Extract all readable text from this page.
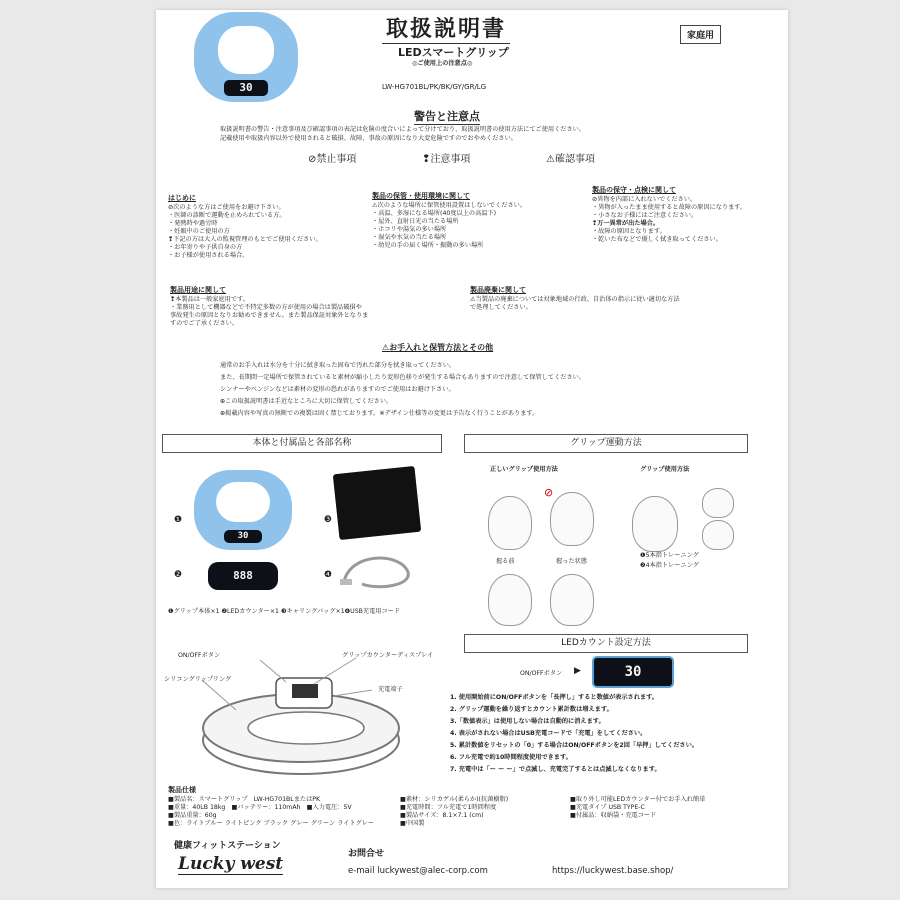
30
取扱説明書
LEDスマートグリップ
◎ご使用上の注意点◎
家庭用
LW-HG701BL/PK/BK/GY/GR/LG
警告と注意点
取扱説明書の警告・注意事項及び確認事項の表記は危険の度合いによって分けており、取扱説明書の使用方法にてご使用ください。
記載使用や取扱内容以外で使用されると破損、故障、事故の原因になり大変危険ですのでおやめください。
⊘禁止事項	❢注意事項	⚠確認事項
はじめに
⊘次のような方はご使用をお避け下さい。
・医師の診断で運動を止められている方。
・発熱時や過労時
・妊娠中のご使用の方
❢下記の方は大人の監視管理のもとでご使用ください。
・お年寄りや子供自身の方
・お子様が使用される場合。
製品の保管・使用環境に関して
⚠次のような場所に保管使用設置はしないでください。
・高温、多湿になる場所(40度以上の高温下)
・屋外、直射日光の当たる場所
・ホコリや湯気の多い場所
・湿気や水気の当たる場所
・幼児の手の届く場所・振動の多い場所
製品の保守・点検に関して
⊘異物を内部に入れないでください。
・異物が入ったまま使用すると故障の原因になります。
・小さなお子様にはご注意ください。
❢万一異常が出た場合。
・故障の原因となります。
・乾いた布などで優しく拭き取ってください。
製品用途に関して
❢本製品は一般家庭用です。
・業務用として機器などで不特定多数の方が使用の場合は製品破損や
事故発生の原因となりお勧めできません。また製品保証対象外となりま
すのでご了承ください。
製品廃棄に関して
⚠当製品の廃棄については対象地域の行政、自治体の指示に従い適切な方法
で処理してください。
⚠お手入れと保管方法とその他
通常のお手入れは水分を十分に拭き取った固布で汚れた部分を拭き取ってください。
また、長期間一定場所で保管されていると素材が縮小したり変形色移りが発生する場合もありますので注意して保管してください。
シンナーやベンジンなどは素材の変形の恐れがありますのでご使用はお避け下さい。
⊕この取扱説明書は手近なところに大切に保管してください。
⊕掲載内容や写真の無断での複製は固く禁じております。※デザイン仕様等の変更は予告なく行うことがあります。
本体と付属品と各部名称	グリップ運動方法
❶
30
❸
❷	888	❹
❶グリップ本体×1 ❷LEDカウンター×1 ❸キャリングバッグ×1❹USB充電用コード
ON/OFFボタン	グリップカウンターディスプレイ
シリコングリップリング
充電端子
正しいグリップ使用方法	グリップ使用方法
⊘
❶5本指トレーニング
❷4本指トレーニング
握る前	握った状態
LEDカウント設定方法
ON/OFFボタン ▶	30
1. 使用開始前にON/OFFボタンを「長押し」すると数値が表示されます。
2. グリップ運動を繰り返すとカウント累計数は増えます。
3.「数値表示」は使用しない場合は自動的に消えます。
4. 表示がされない場合はUSB充電コードで「充電」をしてください。
5. 累計数値をリセットの「0」する場合はON/OFFボタンを2回「早押」してください。
6. フル充電で約10時間程度使用できます。
7. 充電中は「ー ー ー」で点滅し、充電完了するとは点滅しなくなります。
製品仕様
■製品名：スマートグリップ　LW-HG701BLまたはPK
■重量：40LB 18kg　■バッテリー：110mAh　■入力電圧：5V
■製品重量：60g
■色：ライトブルー ライトピンク ブラック グレー グリーン ライトグレー
■素材：シリカゲル(柔らか)(抗菌樹脂)
■充電時間：フル充電で1時間程度
■製品サイズ：8.1×7.1 (cm)
■中国製
■取り外し可能LEDカウンター付でお手入れ簡単
■充電タイプ USB TYPE-C
■付属品：収納袋・充電コード
健康フィットステーション
Lucky west	お問合せ
e-mail luckywest@alec-corp.com	https://luckywest.base.shop/
